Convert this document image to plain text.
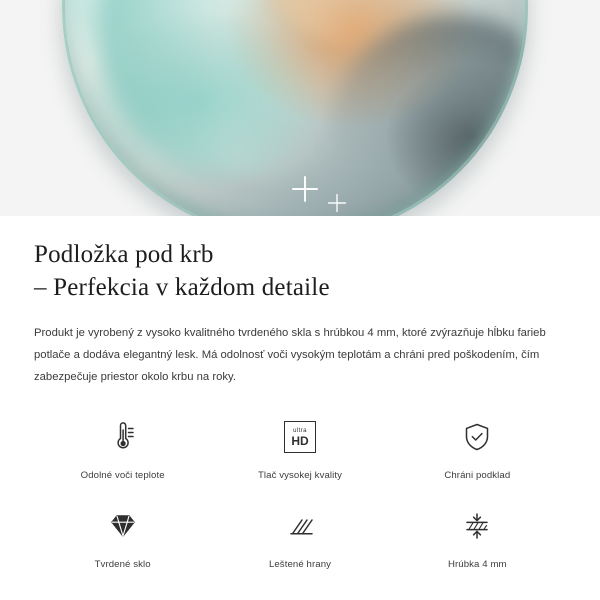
Podložka pod krb
– Perfekcia v každom detaile

Produkt je vyrobený z vysoko kvalitného tvrdeného skla s hrúbkou 4 mm, ktoré zvýrazňuje hĺbku farieb potlače a dodáva elegantný lesk. Má odolnosť voči vysokým teplotám a chráni pred poškodením, čím zabezpečuje priestor okolo krbu na roky.

Odolné voči teplote
ultra
HD
Tlač vysokej kvality	Chráni podklad
Tvrdené sklo	Leštené hrany	Hrúbka 4 mm
